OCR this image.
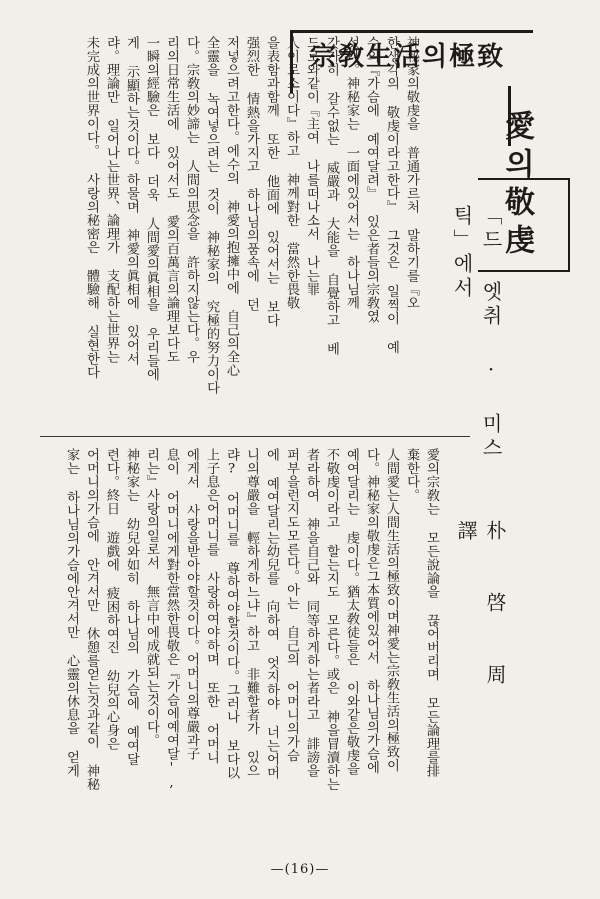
宗敎生活의極致
愛의敬虔
「드 엣취 · 미스틱」에서
朴 啓 周 譯
神秘家의敬虔을 普通가르처 말하기를『오
한생각의 敬虔이라고한다』 그것은 일찍이 예
수의『가슴에 예여달려』 있은者들의宗敎였
섰다。神秘家는 一面에있어서는 하나님께
갓가히 갈수없는 威嚴과 大能을 自覺하고 베
드로와같이『主여 나를떠나소서 나는罪
人이로소이다』하고 神께對한 當然한畏敬
을表함과함께 또한 他面에 있어서는 보다
强烈한 情熱을가지고 하나님의품속에 던
저넣으려고한다。에수의 神愛의抱擁中에 自己의全心
全靈을 녹여넣으려는 것이 神秘家의 究極的努力이다
다。宗敎의妙諦는 人間의思念을 許하지않는다。우
리의日常生活에 있어서도 愛의百萬言의論理보다도
一瞬의經驗은 보다 더욱 人間愛의眞相을 우리들에
게 示顯하는것이다。하물며 神愛의眞相에 있어서
랴。理論만 일어나는世界、論理가 支配하는世界는
未完成의世界이다。 사랑의秘密은 體驗해 실현한다
愛의宗敎는 모든說論을 끊어버리며 모든論理를排
棄한다。
人間愛는人間生活의極致이며神愛는宗敎生活의極致이
다。神秘家의敬虔은그本質에있어서 하나님의가슴에
예여달리는 虔이다。猶太敎徒들은 이와같은敬虔을
不敬虔이라고 할는지도 모른다。或은 神을冒瀆하는
者라하여 神을自己와 同等하게하는者라고 誹謗을
퍼부을런지도모른다。아는 自己의 어머니의가슴
에 예여달리는幼兒를 向하여 엇지하야 너는어머
니의尊嚴을 輕하게하느냐』하고 非難할者가 있으
랴? 어머니를 尊하여야할것이다。그러나 보다以
上子息은어머니를 사랑하여야하며 또한 어머니
에게서 사랑을받아야할것이다。어머니의尊嚴과子
息이 어머니에게對한當然한畏敬은『가슴에예여달',
리는』사랑의일로서 無言中에成就되는것이다。
神秘家는 幼兒와如히 하나님의 가슴에 예여달
련다。終日 遊戲에 疲困하여진 幼兒의心身은
어머니의가슴에 안겨서만 休憩를얻는것과같이 神秘
家는 하나님의가슴에안겨서만 心靈의休息을 얻게
—(16)—
